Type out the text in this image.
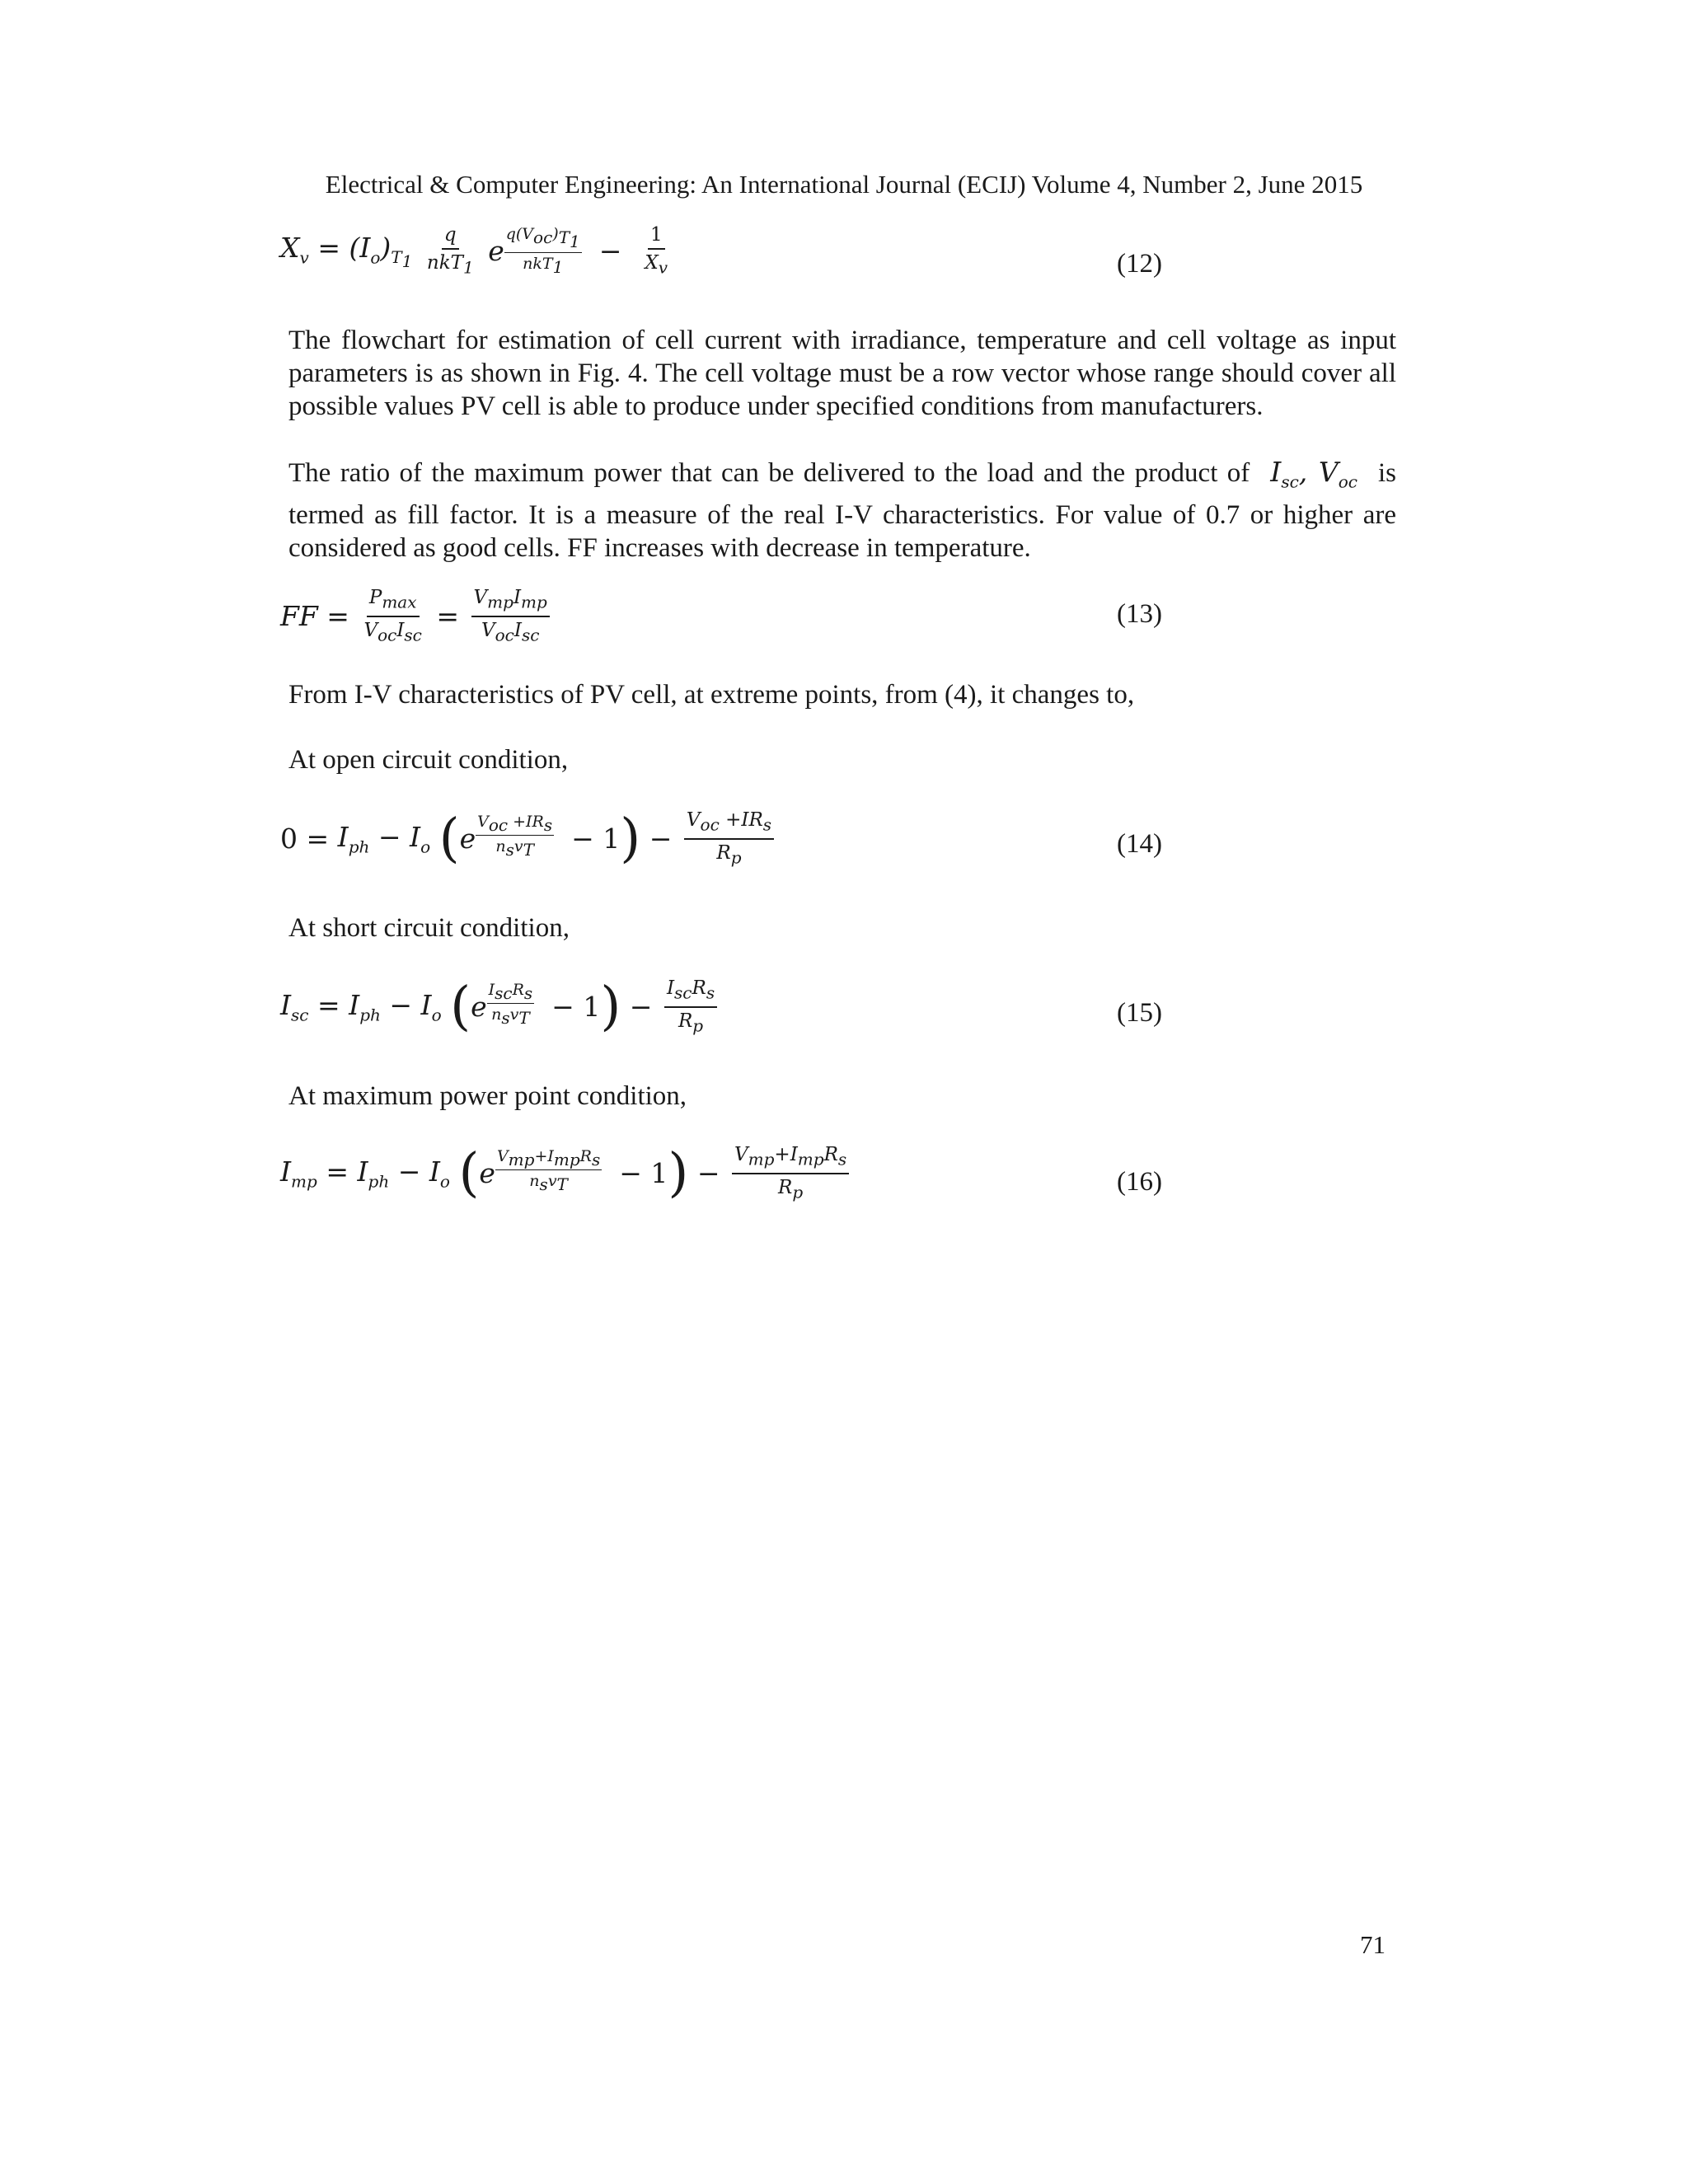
Electrical & Computer Engineering: An International Journal (ECIJ) Volume 4, Number 2, June 2015
$X_v = (I_o)_{T_1} \frac{q}{nkT_1}$ e
$q(V_{oc})_{T_1}$
$nkT_1 - \frac{1}{X_v}$	(12)
The flowchart for estimation of cell current with irradiance, temperature and cell voltage as input parameters is as shown in Fig. 4. The cell voltage must be a row vector whose range should cover all possible values PV cell is able to produce under specified conditions from manufacturers.
The ratio of the maximum power that can be delivered to the load and the product of  $I_{sc}$, $V_{oc}$ is termed as fill factor. It is a measure of the real I-V characteristics. For value of 0.7 or higher are considered as good cells. FF increases with decrease in temperature.
FF = $\frac{P_{max}}{V_{oc}I_{sc}} = \frac{V_{mp}I_{mp}}{V_{oc}I_{sc}}$	(13)
From I-V characteristics of PV cell, at extreme points, from (4), it changes to,
At open circuit condition,
$0 = I_{ph} - I_o$ (e
$V_{oc} +IR_s$
$n_sv_T - 1) - \frac{V_{oc} +IR_s}{R_p}$	(14)
At short circuit condition,
$I_{sc} = I_{ph} - I_o$ (e
$I_{sc}R_s$
$n_sv_T - 1) - \frac{I_{sc}R_s}{R_p}$	(15)
At maximum power point condition,
$I_{mp} = I_{ph} - I_o$ (e
$V_{mp}+I_{mp}R_s$
$n_sv_T - 1) - \frac{V_{mp}+I_{mp}R_s}{R_p}$	(16)
71
